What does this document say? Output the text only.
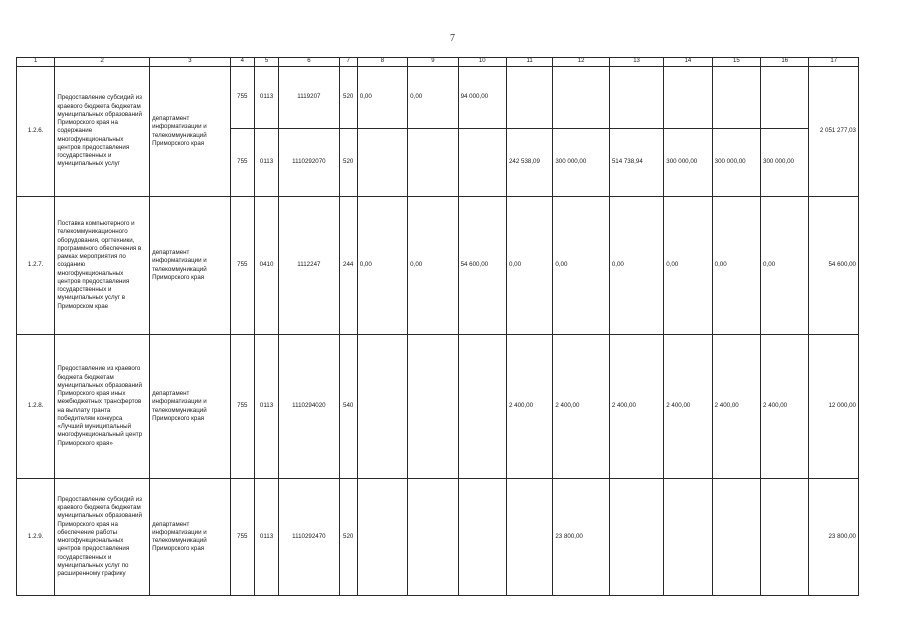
7
1	2	3	4	5	6	7	8	9	10	11	12	13	14	15	16	17
1.2.6.	Предоставление субсидий из краевого бюджета бюджетам муниципальных образований Приморского края на содержание многофункциональных центров предоставления государственных и муниципальных услуг	департамент информатизации и телекоммуникаций Приморского края	755	0113	1119207	520	0,00	0,00	94 000,00							2 051 277,03
			755	0113	1110292070	520				242 538,09	300 000,00	514 738,94	300 000,00	300 000,00	300 000,00	
1.2.7.	Поставка компьютерного и телекоммуникационного оборудования, оргтехники, программного обеспечения в рамках мероприятия по созданию многофункциональных центров предоставления государственных и муниципальных услуг в Приморском крае	департамент информатизации и телекоммуникаций Приморского края	755	0410	1112247	244	0,00	0,00	54 600,00	0,00	0,00	0,00	0,00	0,00	0,00	54 600,00
1.2.8.	Предоставление из краевого бюджета бюджетам муниципальных образований Приморского края иных межбюджетных трансфертов на выплату гранта победителям конкурса «Лучший муниципальный многофункциональный центр Приморского края»	департамент информатизации и телекоммуникаций Приморского края	755	0113	1110294020	540				2 400,00	2 400,00	2 400,00	2 400,00	2 400,00	2 400,00	12 000,00
1.2.9.	Предоставление субсидий из краевого бюджета бюджетам муниципальных образований Приморского края на обеспечение работы многофункциональных центров предоставления государственных и муниципальных услуг по расширенному графику	департамент информатизации и телекоммуникаций Приморского края	755	0113	1110292470	520					23 800,00					23 800,00
